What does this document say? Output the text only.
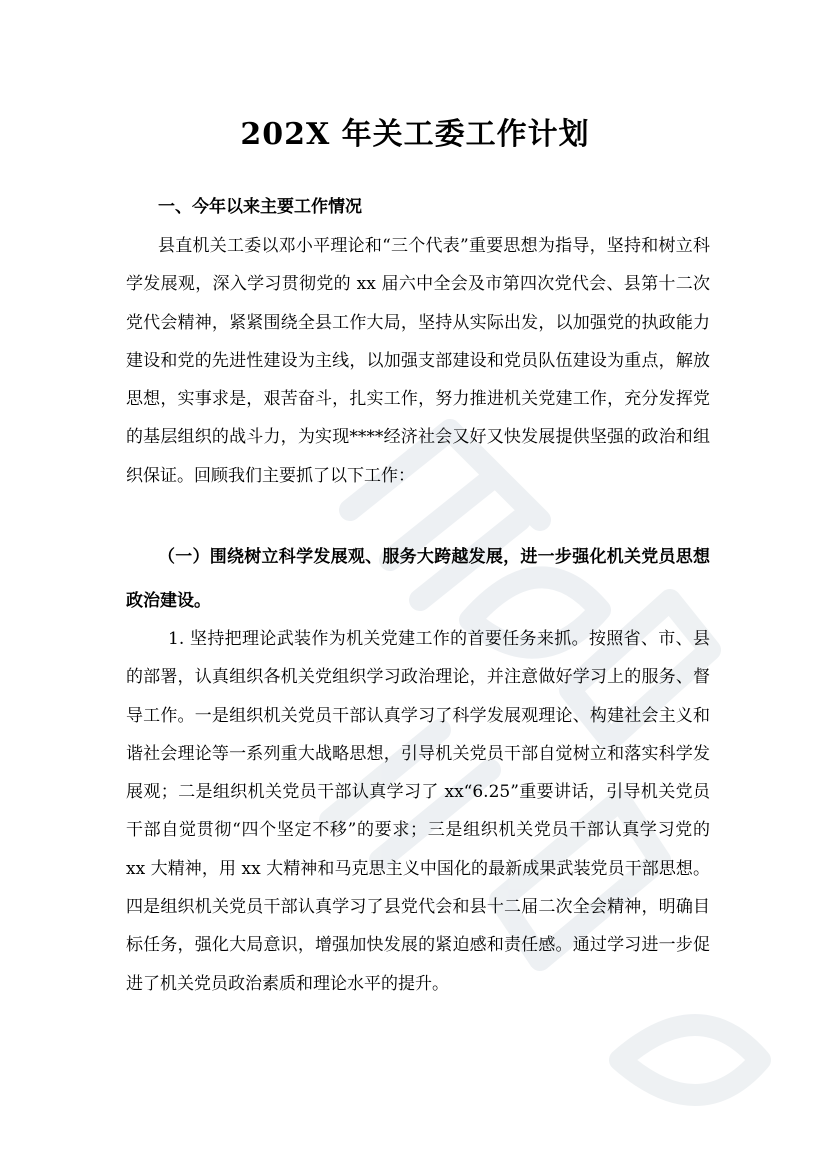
202X 年关工委工作计划
一、今年以来主要工作情况
县直机关工委以邓小平理论和“三个代表”重要思想为指导，坚持和树立科学发展观，深入学习贯彻党的 xx 届六中全会及市第四次党代会、县第十二次党代会精神，紧紧围绕全县工作大局，坚持从实际出发，以加强党的执政能力建设和党的先进性建设为主线，以加强支部建设和党员队伍建设为重点，解放思想，实事求是，艰苦奋斗，扎实工作，努力推进机关党建工作，充分发挥党的基层组织的战斗力，为实现****经济社会又好又快发展提供坚强的政治和组织保证。回顾我们主要抓了以下工作：
（一）围绕树立科学发展观、服务大跨越发展，进一步强化机关党员思想政治建设。
1. 坚持把理论武装作为机关党建工作的首要任务来抓。按照省、市、县的部署，认真组织各机关党组织学习政治理论，并注意做好学习上的服务、督导工作。一是组织机关党员干部认真学习了科学发展观理论、构建社会主义和谐社会理论等一系列重大战略思想，引导机关党员干部自觉树立和落实科学发展观；二是组织机关党员干部认真学习了 xx“6.25”重要讲话，引导机关党员干部自觉贯彻“四个坚定不移”的要求；三是组织机关党员干部认真学习党的 xx 大精神，用 xx 大精神和马克思主义中国化的最新成果武装党员干部思想。四是组织机关党员干部认真学习了县党代会和县十二届二次全会精神，明确目标任务，强化大局意识，增强加快发展的紧迫感和责任感。通过学习进一步促进了机关党员政治素质和理论水平的提升。
